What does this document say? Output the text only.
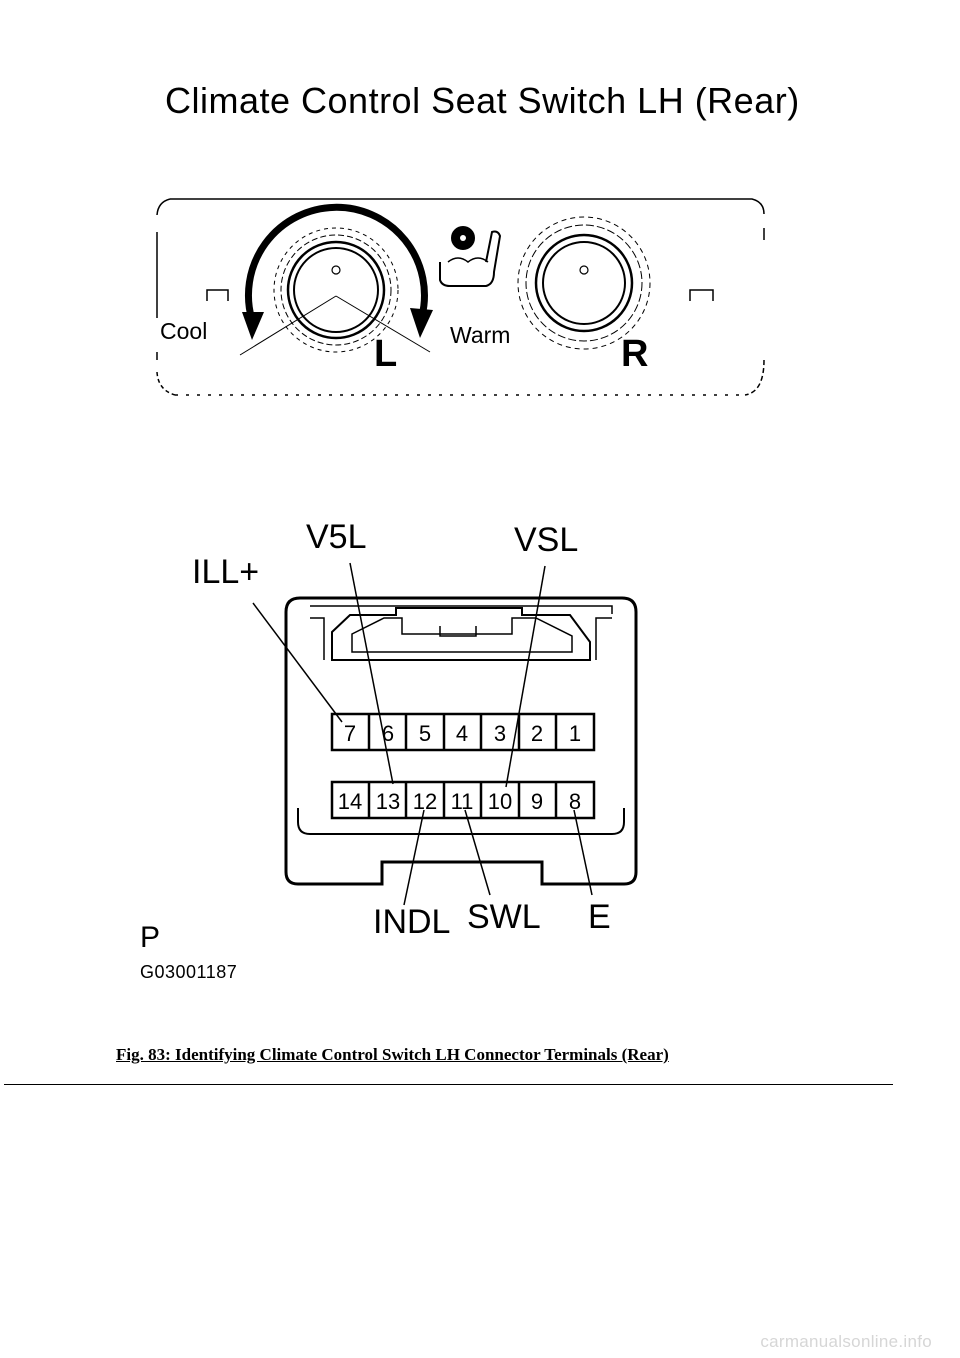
Climate Control Seat Switch LH (Rear)
7 6 5 4 3 2 1
14 13 12 11 10 9 8
Cool	Warm
L	R
ILL+
V5L	VSL
INDL SWL E
P
G03001187
Fig. 83: Identifying Climate Control Switch LH Connector Terminals (Rear)
carmanualsonline.info
